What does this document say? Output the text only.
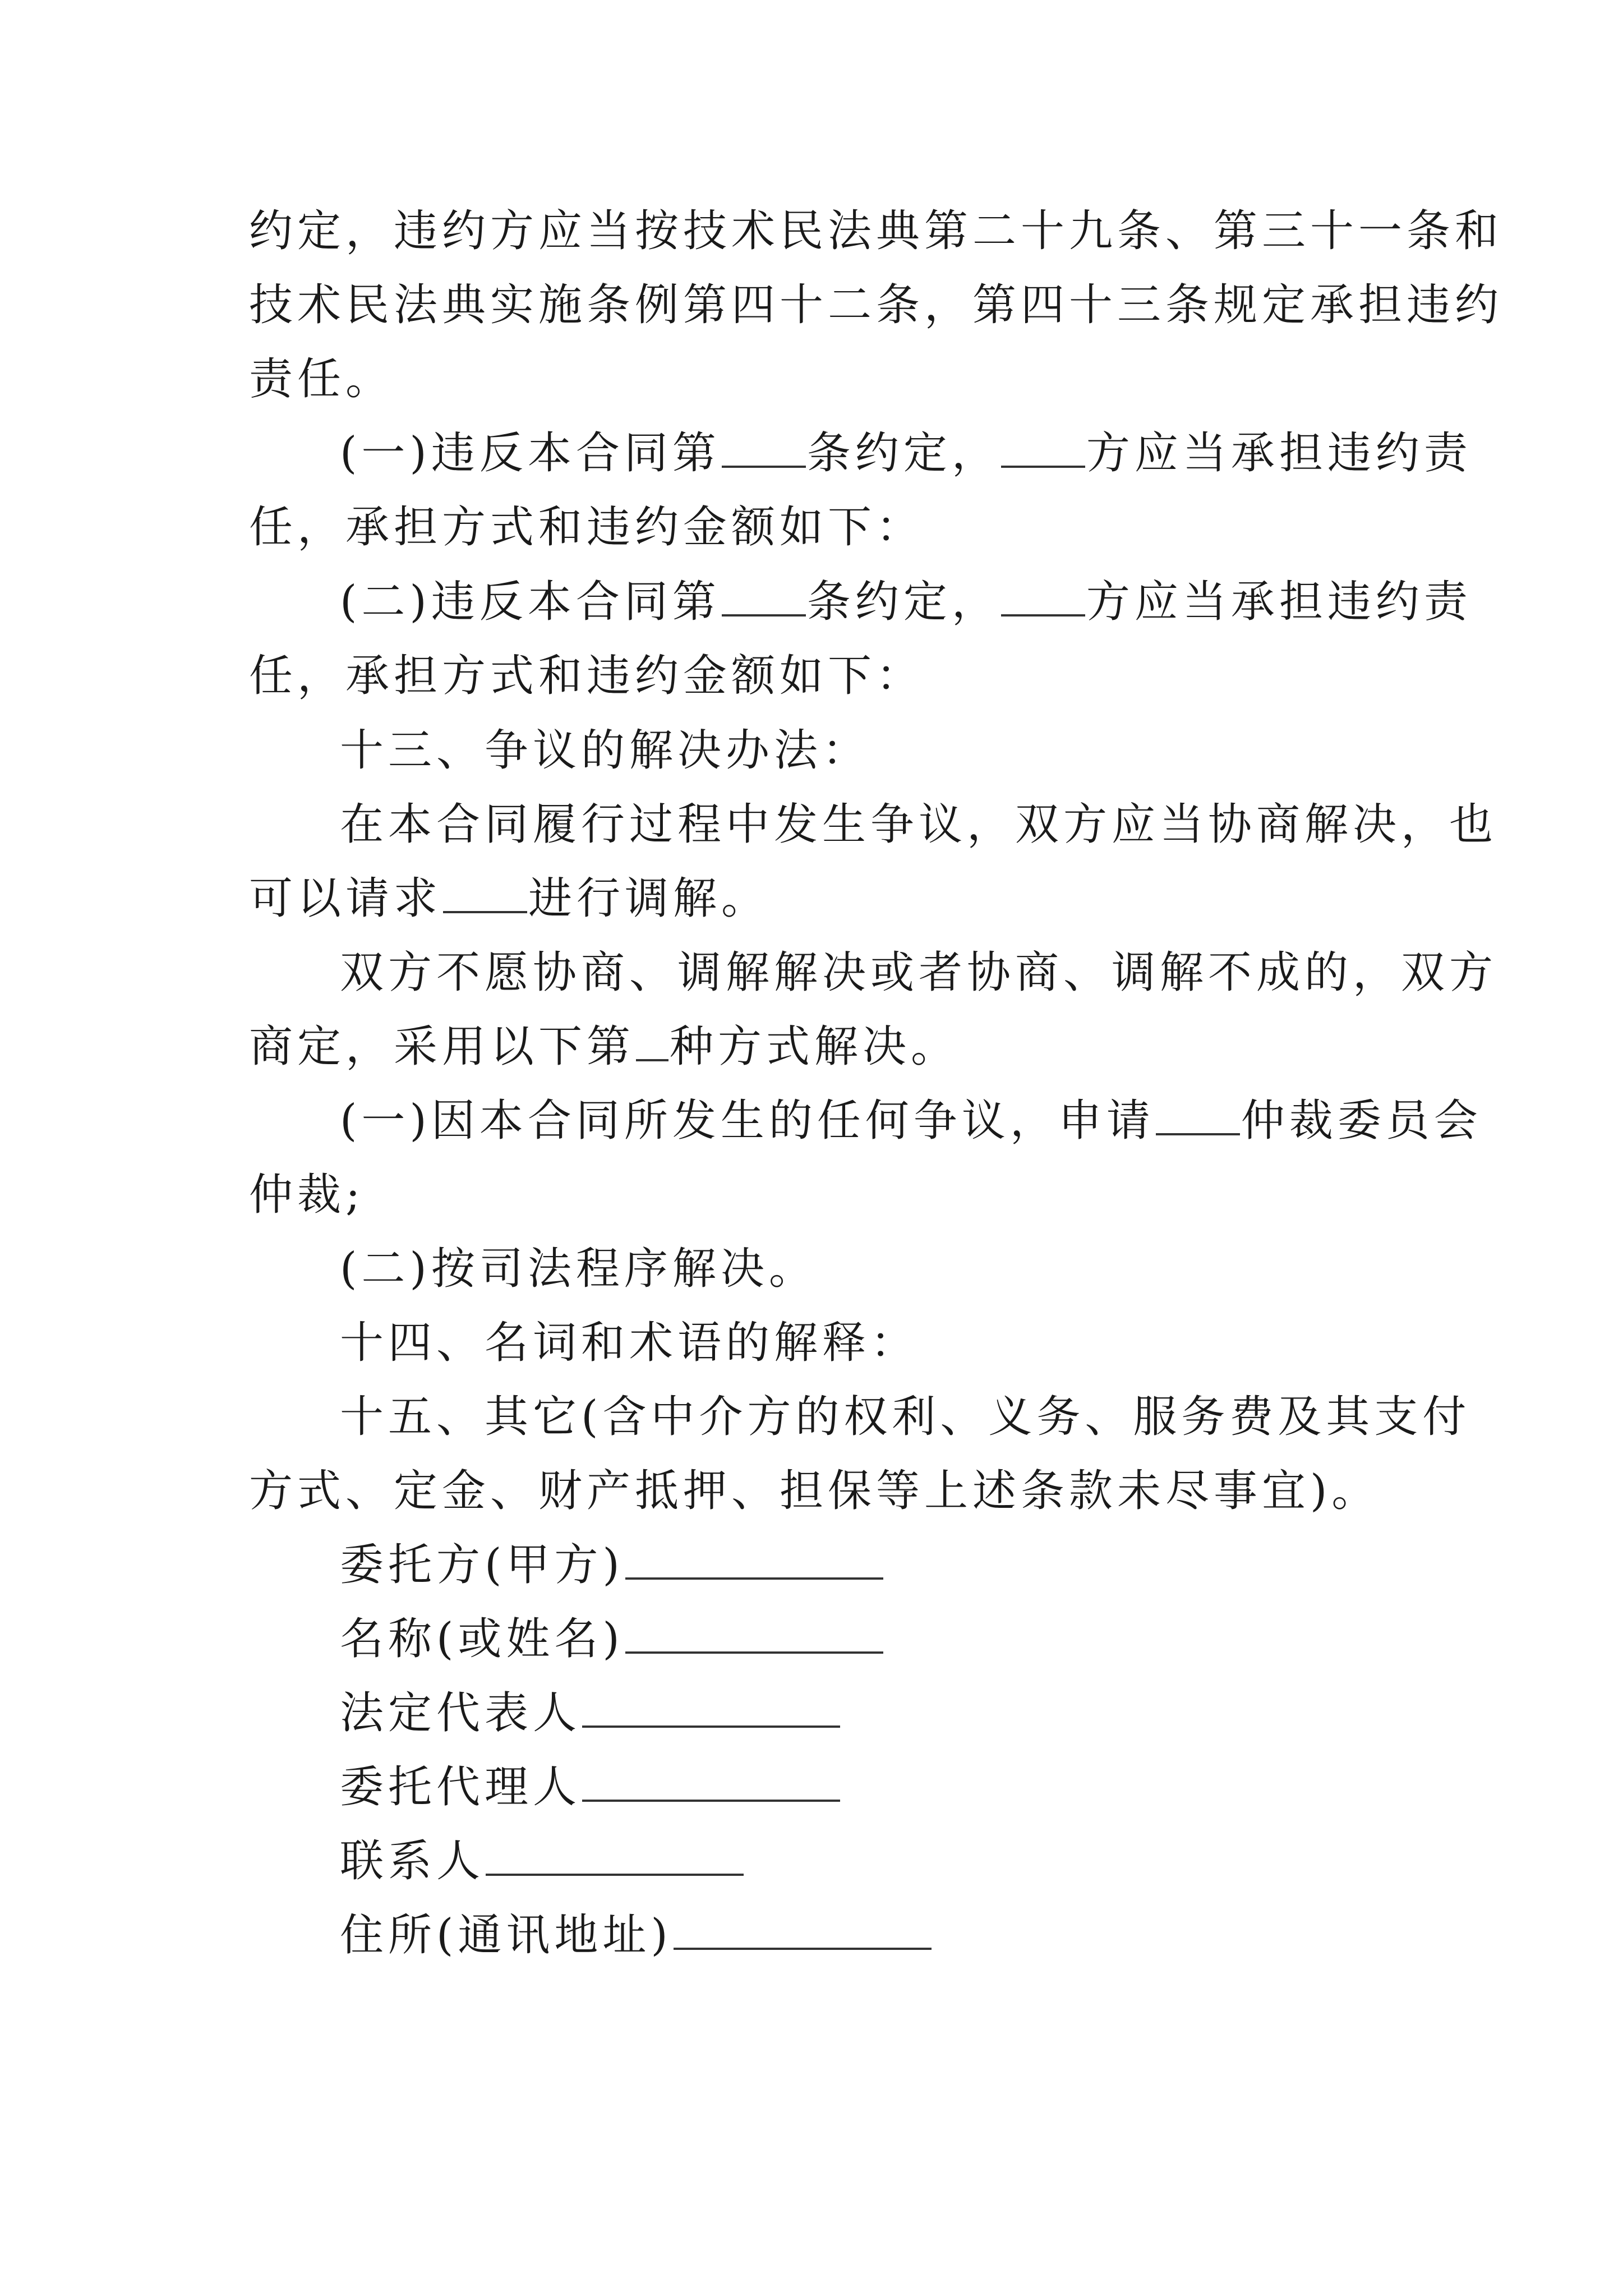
约定，违约方应当按技术民法典第二十九条、第三十一条和
技术民法典实施条例第四十二条，第四十三条规定承担违约
责任。
(一)违反本合同第 条约定， 方应当承担违约责
任，承担方式和违约金额如下：
(二)违反本合同第 条约定， 方应当承担违约责
任，承担方式和违约金额如下：
十三、争议的解决办法：
在本合同履行过程中发生争议，双方应当协商解决，也
可以请求 进行调解。
双方不愿协商、调解解决或者协商、调解不成的，双方
商定，采用以下第 种方式解决。
(一)因本合同所发生的任何争议，申请 仲裁委员会
仲裁;
(二)按司法程序解决。
十四、名词和术语的解释：
十五、其它(含中介方的权利、义务、服务费及其支付
方式、定金、财产抵押、担保等上述条款未尽事宜)。
委托方(甲方)
名称(或姓名)
法定代表人
委托代理人
联系人
住所(通讯地址)
